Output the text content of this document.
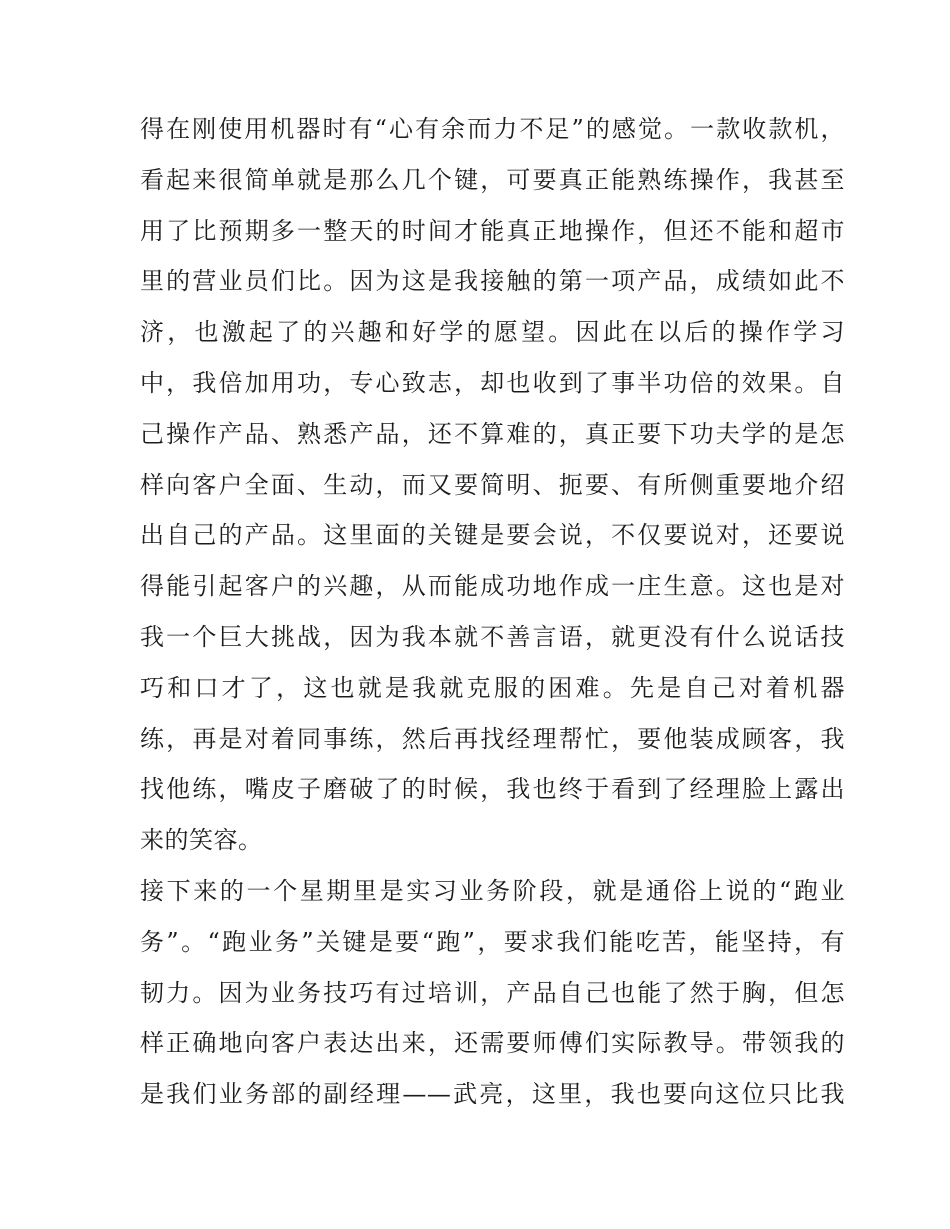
得在刚使用机器时有“心有余而力不足”的感觉。一款收款机，
看起来很简单就是那么几个键，可要真正能熟练操作，我甚至
用了比预期多一整天的时间才能真正地操作，但还不能和超市
里的营业员们比。因为这是我接触的第一项产品，成绩如此不
济，也激起了的兴趣和好学的愿望。因此在以后的操作学习
中，我倍加用功，专心致志，却也收到了事半功倍的效果。自
己操作产品、熟悉产品，还不算难的，真正要下功夫学的是怎
样向客户全面、生动，而又要简明、扼要、有所侧重要地介绍
出自己的产品。这里面的关键是要会说，不仅要说对，还要说
得能引起客户的兴趣，从而能成功地作成一庄生意。这也是对
我一个巨大挑战，因为我本就不善言语，就更没有什么说话技
巧和口才了，这也就是我就克服的困难。先是自己对着机器
练，再是对着同事练，然后再找经理帮忙，要他装成顾客，我
找他练，嘴皮子磨破了的时候，我也终于看到了经理脸上露出
来的笑容。
接下来的一个星期里是实习业务阶段，就是通俗上说的“跑业
务”。“跑业务”关键是要“跑”，要求我们能吃苦，能坚持，有
韧力。因为业务技巧有过培训，产品自己也能了然于胸，但怎
样正确地向客户表达出来，还需要师傅们实际教导。带领我的
是我们业务部的副经理——武亮，这里，我也要向这位只比我
